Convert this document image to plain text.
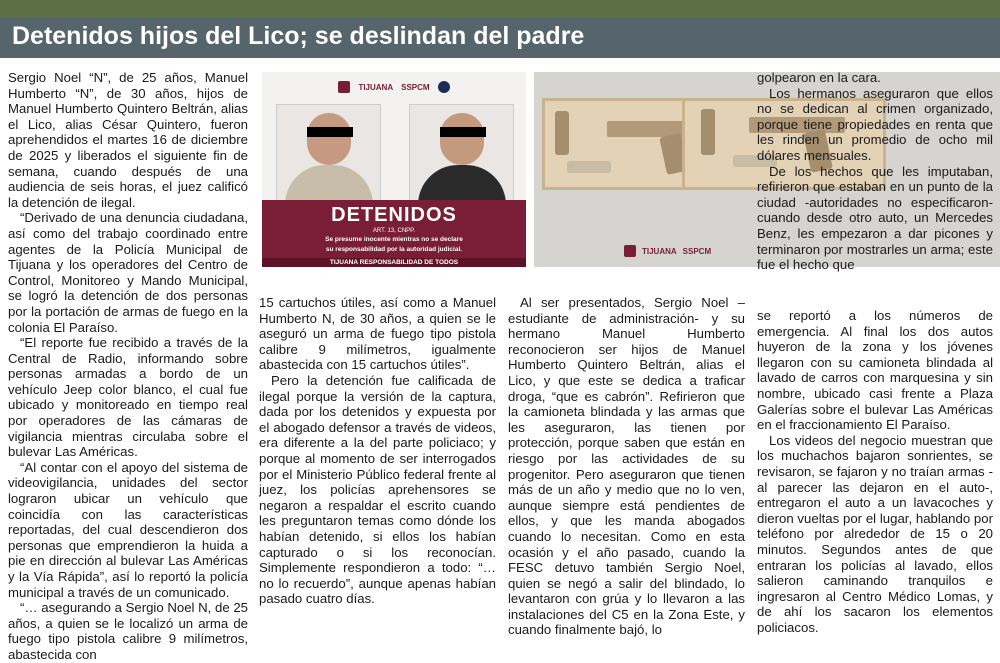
Detenidos hijos del Lico; se deslindan del padre

Sergio Noel “N”, de 25 años, Manuel Humberto “N”, de 30 años, hijos de Manuel Humberto Quintero Beltrán, alias el Lico, alias César Quintero, fueron aprehendidos el martes 16 de diciembre de 2025 y liberados el siguiente fin de semana, cuando después de una audiencia de seis horas, el juez calificó la detención de ilegal.

“Derivado de una denuncia ciudadana, así como del trabajo coordinado entre agentes de la Policía Municipal de Tijuana y los operadores del Centro de Control, Monitoreo y Mando Municipal, se logró la detención de dos personas por la portación de armas de fuego en la colonia El Paraíso.

“El reporte fue recibido a través de la Central de Radio, informando sobre personas armadas a bordo de un vehículo Jeep color blanco, el cual fue ubicado y monitoreado en tiempo real por operadores de las cámaras de vigilancia mientras circulaba sobre el bulevar Las Américas.

“Al contar con el apoyo del sistema de videovigilancia, unidades del sector lograron ubicar un vehículo que coincidía con las características reportadas, del cual descendieron dos personas que emprendieron la huida a pie en dirección al bulevar Las Américas y la Vía Rápida”, así lo reportó la policía municipal a través de un comunicado.

“… asegurando a Sergio Noel N, de 25 años, a quien se le localizó un arma de fuego tipo pistola calibre 9 milímetros, abastecida con

TIJUANA SSPCM
DETENIDOS
ART. 13, CNPP.
Se presume inocente mientras no se declare
su responsabilidad por la autoridad judicial.
TIJUANA RESPONSABILIDAD DE TODOS
TIJUANA SSPCM

15 cartuchos útiles, así como a Manuel Humberto N, de 30 años, a quien se le aseguró un arma de fuego tipo pistola calibre 9 milímetros, igualmente abastecida con 15 cartuchos útiles”.

Pero la detención fue calificada de ilegal porque la versión de la captura, dada por los detenidos y expuesta por el abogado defensor a través de videos, era diferente a la del parte policiaco; y porque al momento de ser interrogados por el Ministerio Público federal frente al juez, los policías aprehensores se negaron a respaldar el escrito cuando les preguntaron temas como dónde los habían detenido, si ellos los habían capturado o si los reconocían. Simplemente respondieron a todo: “…no lo recuerdo”, aunque apenas habían pasado cuatro días.

Al ser presentados, Sergio Noel – estudiante de administración- y su hermano Manuel Humberto reconocieron ser hijos de Manuel Humberto Quintero Beltrán, alias el Lico, y que este se dedica a traficar droga, “que es cabrón”. Refirieron que la camioneta blindada y las armas que les aseguraron, las tienen por protección, porque saben que están en riesgo por las actividades de su progenitor. Pero aseguraron que tienen más de un año y medio que no lo ven, aunque siempre está pendientes de ellos, y que les manda abogados cuando lo necesitan. Como en esta ocasión y el año pasado, cuando la FESC detuvo también Sergio Noel, quien se negó a salir del blindado, lo levantaron con grúa y lo llevaron a las instalaciones del C5 en la Zona Este, y cuando finalmente bajó, lo

golpearon en la cara.

Los hermanos aseguraron que ellos no se dedican al crimen organizado, porque tiene propiedades en renta que les rinden un promedio de ocho mil dólares mensuales.

De los hechos que les imputaban, refirieron que estaban en un punto de la ciudad -autoridades no especificaron- cuando desde otro auto, un Mercedes Benz, les empezaron a dar picones y terminaron por mostrarles un arma; este fue el hecho que

se reportó a los números de emergencia. Al final los dos autos huyeron de la zona y los jóvenes llegaron con su camioneta blindada al lavado de carros con marquesina y sin nombre, ubicado casi frente a Plaza Galerías sobre el bulevar Las Américas en el fraccionamiento El Paraíso.

Los videos del negocio muestran que los muchachos bajaron sonrientes, se revisaron, se fajaron y no traían armas -al parecer las dejaron en el auto-, entregaron el auto a un lavacoches y dieron vueltas por el lugar, hablando por teléfono por alrededor de 15 o 20 minutos. Segundos antes de que entraran los policías al lavado, ellos salieron caminando tranquilos e ingresaron al Centro Médico Lomas, y de ahí los sacaron los elementos policiacos.
